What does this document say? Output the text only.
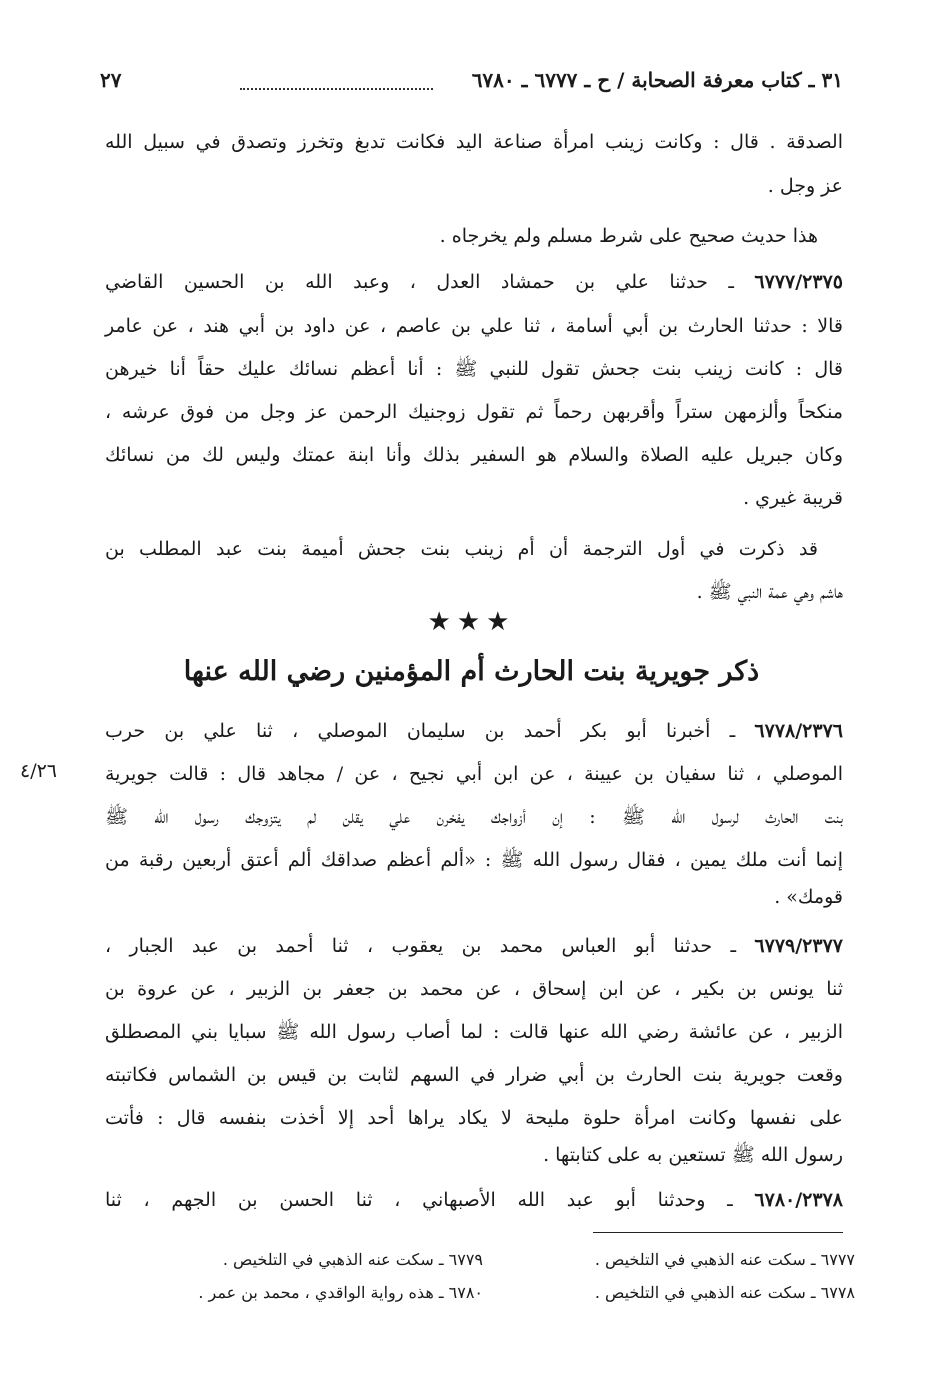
٣١ ـ كتاب معرفة الصحابة / ح ـ ٦٧٧٧ ـ ٦٧٨٠
٢٧
الصدقة . قال : وكانت زينب امرأة صناعة اليد فكانت تدبغ وتخرز وتصدق في سبيل الله
عز وجل .
هذا حديث صحيح على شرط مسلم ولم يخرجاه .
٦٧٧٧/٢٣٧٥ ـ حدثنا علي بن حمشاد العدل ، وعبد الله بن الحسين القاضي
قالا : حدثنا الحارث بن أبي أسامة ، ثنا علي بن عاصم ، عن داود بن أبي هند ، عن عامر
قال : كانت زينب بنت جحش تقول للنبي ﷺ : أنا أعظم نسائك عليك حقاً أنا خيرهن
منكحاً وألزمهن ستراً وأقربهن رحماً ثم تقول زوجنيك الرحمن عز وجل من فوق عرشه ،
وكان جبريل عليه الصلاة والسلام هو السفير بذلك وأنا ابنة عمتك وليس لك من نسائك
قريبة غيري .
قد ذكرت في أول الترجمة أن أم زينب بنت جحش أميمة بنت عبد المطلب بن
هاشم وهي عمة النبي ﷺ .
★★★
ذكر جويرية بنت الحارث أم المؤمنين رضي الله عنها
٦٧٧٨/٢٣٧٦ ـ أخبرنا أبو بكر أحمد بن سليمان الموصلي ، ثنا علي بن حرب
الموصلي ، ثنا سفيان بن عيينة ، عن ابن أبي نجيح ، عن / مجاهد قال : قالت جويرية
٤/٢٦
بنت الحارث لرسول الله ﷺ : إن أزواجك يفخرن علي يقلن لم يتزوجك رسول الله ﷺ
إنما أنت ملك يمين ، فقال رسول الله ﷺ : «ألم أعظم صداقك ألم أعتق أربعين رقبة من
قومك» .
٦٧٧٩/٢٣٧٧ ـ حدثنا أبو العباس محمد بن يعقوب ، ثنا أحمد بن عبد الجبار ،
ثنا يونس بن بكير ، عن ابن إسحاق ، عن محمد بن جعفر بن الزبير ، عن عروة بن
الزبير ، عن عائشة رضي الله عنها قالت : لما أصاب رسول الله ﷺ سبايا بني المصطلق
وقعت جويرية بنت الحارث بن أبي ضرار في السهم لثابت بن قيس بن الشماس فكاتبته
على نفسها وكانت امرأة حلوة مليحة لا يكاد يراها أحد إلا أخذت بنفسه قال : فأتت
رسول الله ﷺ تستعين به على كتابتها .
٦٧٨٠/٢٣٧٨ ـ وحدثنا أبو عبد الله الأصبهاني ، ثنا الحسن بن الجهم ، ثنا
٦٧٧٧ ـ سكت عنه الذهبي في التلخيص .
٦٧٧٨ ـ سكت عنه الذهبي في التلخيص .
٦٧٧٩ ـ سكت عنه الذهبي في التلخيص .
٦٧٨٠ ـ هذه رواية الواقدي ، محمد بن عمر .
